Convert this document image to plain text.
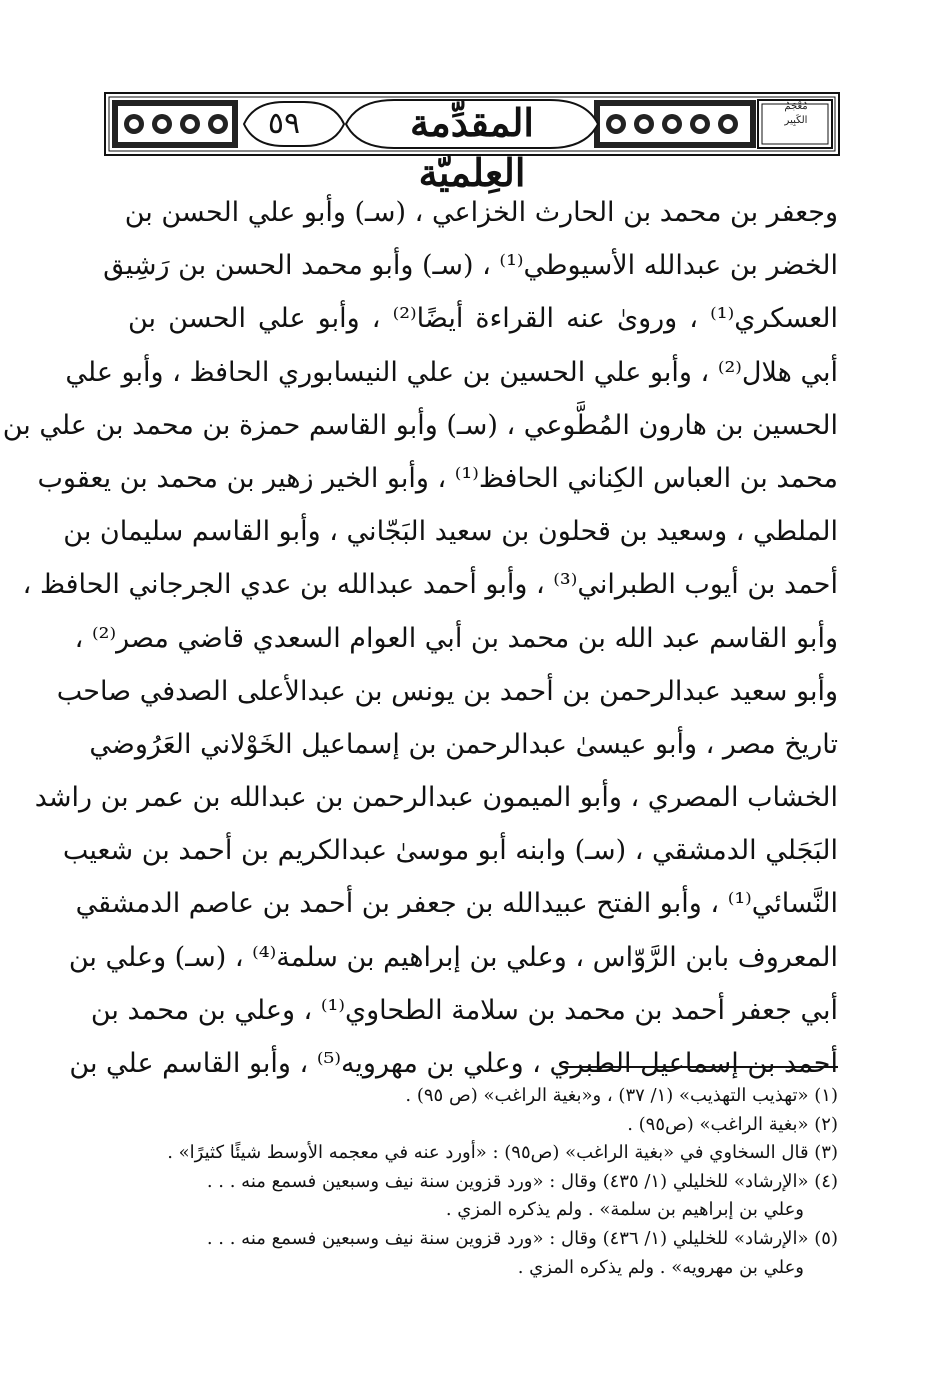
٥٩	المقدِّمة العِلميّة
مُعْجَمُ
الكَبِير
وجعفر بن محمد بن الحارث الخزاعي ، (سـ) وأبو علي الحسن بن
الخضر بن عبدالله الأسيوطي⁽¹⁾ ، (سـ) وأبو محمد الحسن بن رَشِيق
العسكري⁽¹⁾ ، وروىٰ عنه القراءة أيضًا⁽²⁾ ، وأبو علي الحسن بن
أبي هلال⁽²⁾ ، وأبو علي الحسين بن علي النيسابوري الحافظ ، وأبو علي
الحسين بن هارون المُطَّوعي ، (سـ) وأبو القاسم حمزة بن محمد بن علي بن
محمد بن العباس الكِناني الحافظ⁽¹⁾ ، وأبو الخير زهير بن محمد بن يعقوب
الملطي ، وسعيد بن قحلون بن سعيد البَجّاني ، وأبو القاسم سليمان بن
أحمد بن أيوب الطبراني⁽³⁾ ، وأبو أحمد عبدالله بن عدي الجرجاني الحافظ ،
وأبو القاسم عبد الله بن محمد بن أبي العوام السعدي قاضي مصر⁽²⁾ ،
وأبو سعيد عبدالرحمن بن أحمد بن يونس بن عبدالأعلى الصدفي صاحب
تاريخ مصر ، وأبو عيسىٰ عبدالرحمن بن إسماعيل الخَوْلاني العَرُوضي
الخشاب المصري ، وأبو الميمون عبدالرحمن بن عبدالله بن عمر بن راشد
البَجَلي الدمشقي ، (سـ) وابنه أبو موسىٰ عبدالكريم بن أحمد بن شعيب
النَّسائي⁽¹⁾ ، وأبو الفتح عبيدالله بن جعفر بن أحمد بن عاصم الدمشقي
المعروف بابن الرَّوّاس ، وعلي بن إبراهيم بن سلمة⁽⁴⁾ ، (سـ) وعلي بن
أبي جعفر أحمد بن محمد بن سلامة الطحاوي⁽¹⁾ ، وعلي بن محمد بن
أحمد بن إسماعيل الطبري ، وعلي بن مهرويه⁽⁵⁾ ، وأبو القاسم علي بن
(١) «تهذيب التهذيب» (١/ ٣٧) ، و«بغية الراغب» (ص ٩٥) .
(٢) «بغية الراغب» (ص٩٥) .
(٣) قال السخاوي في «بغية الراغب» (ص٩٥) : «أورد عنه في معجمه الأوسط شيئًا كثيرًا» .
(٤) «الإرشاد» للخليلي (١/ ٤٣٥) وقال : «ورد قزوين سنة نيف وسبعين فسمع منه . . .
وعلي بن إبراهيم بن سلمة» . ولم يذكره المزي .
(٥) «الإرشاد» للخليلي (١/ ٤٣٦) وقال : «ورد قزوين سنة نيف وسبعين فسمع منه . . .
وعلي بن مهرويه» . ولم يذكره المزي .
